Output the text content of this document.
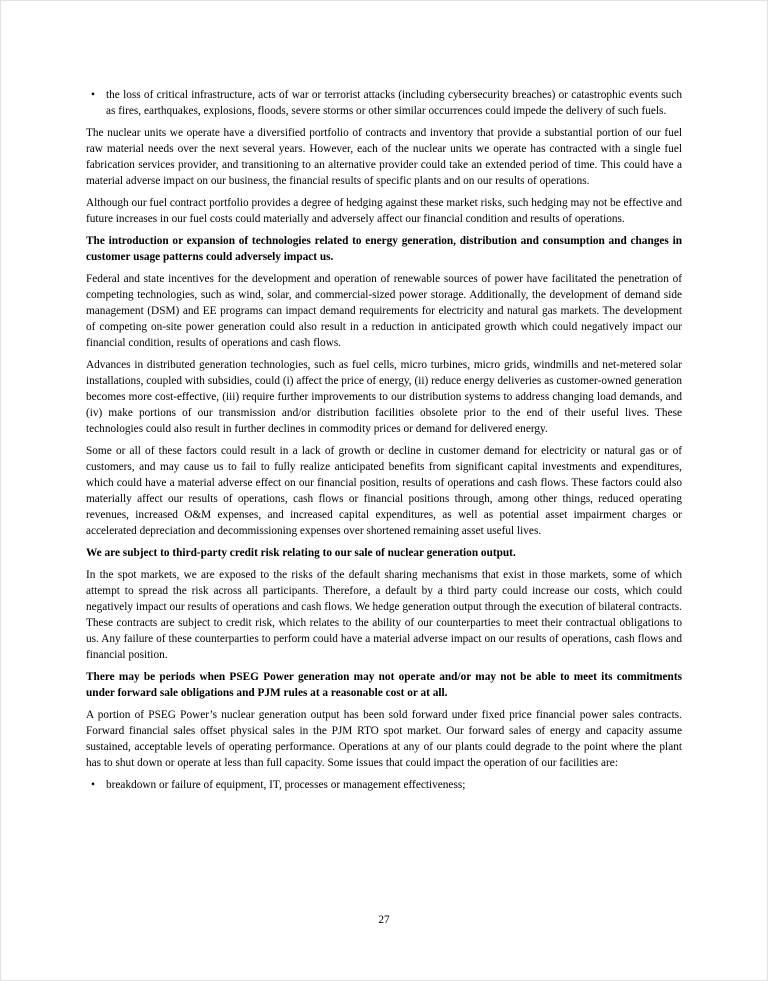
• the loss of critical infrastructure, acts of war or terrorist attacks (including cybersecurity breaches) or catastrophic events such as fires, earthquakes, explosions, floods, severe storms or other similar occurrences could impede the delivery of such fuels.

The nuclear units we operate have a diversified portfolio of contracts and inventory that provide a substantial portion of our fuel raw material needs over the next several years. However, each of the nuclear units we operate has contracted with a single fuel fabrication services provider, and transitioning to an alternative provider could take an extended period of time. This could have a material adverse impact on our business, the financial results of specific plants and on our results of operations.

Although our fuel contract portfolio provides a degree of hedging against these market risks, such hedging may not be effective and future increases in our fuel costs could materially and adversely affect our financial condition and results of operations.

The introduction or expansion of technologies related to energy generation, distribution and consumption and changes in customer usage patterns could adversely impact us.

Federal and state incentives for the development and operation of renewable sources of power have facilitated the penetration of competing technologies, such as wind, solar, and commercial-sized power storage. Additionally, the development of demand side management (DSM) and EE programs can impact demand requirements for electricity and natural gas markets. The development of competing on-site power generation could also result in a reduction in anticipated growth which could negatively impact our financial condition, results of operations and cash flows.

Advances in distributed generation technologies, such as fuel cells, micro turbines, micro grids, windmills and net-metered solar installations, coupled with subsidies, could (i) affect the price of energy, (ii) reduce energy deliveries as customer-owned generation becomes more cost-effective, (iii) require further improvements to our distribution systems to address changing load demands, and (iv) make portions of our transmission and/or distribution facilities obsolete prior to the end of their useful lives. These technologies could also result in further declines in commodity prices or demand for delivered energy.

Some or all of these factors could result in a lack of growth or decline in customer demand for electricity or natural gas or of customers, and may cause us to fail to fully realize anticipated benefits from significant capital investments and expenditures, which could have a material adverse effect on our financial position, results of operations and cash flows. These factors could also materially affect our results of operations, cash flows or financial positions through, among other things, reduced operating revenues, increased O&M expenses, and increased capital expenditures, as well as potential asset impairment charges or accelerated depreciation and decommissioning expenses over shortened remaining asset useful lives.

We are subject to third-party credit risk relating to our sale of nuclear generation output.

In the spot markets, we are exposed to the risks of the default sharing mechanisms that exist in those markets, some of which attempt to spread the risk across all participants. Therefore, a default by a third party could increase our costs, which could negatively impact our results of operations and cash flows. We hedge generation output through the execution of bilateral contracts. These contracts are subject to credit risk, which relates to the ability of our counterparties to meet their contractual obligations to us. Any failure of these counterparties to perform could have a material adverse impact on our results of operations, cash flows and financial position.

There may be periods when PSEG Power generation may not operate and/or may not be able to meet its commitments under forward sale obligations and PJM rules at a reasonable cost or at all.

A portion of PSEG Power’s nuclear generation output has been sold forward under fixed price financial power sales contracts. Forward financial sales offset physical sales in the PJM RTO spot market. Our forward sales of energy and capacity assume sustained, acceptable levels of operating performance. Operations at any of our plants could degrade to the point where the plant has to shut down or operate at less than full capacity. Some issues that could impact the operation of our facilities are:

• breakdown or failure of equipment, IT, processes or management effectiveness;
27
